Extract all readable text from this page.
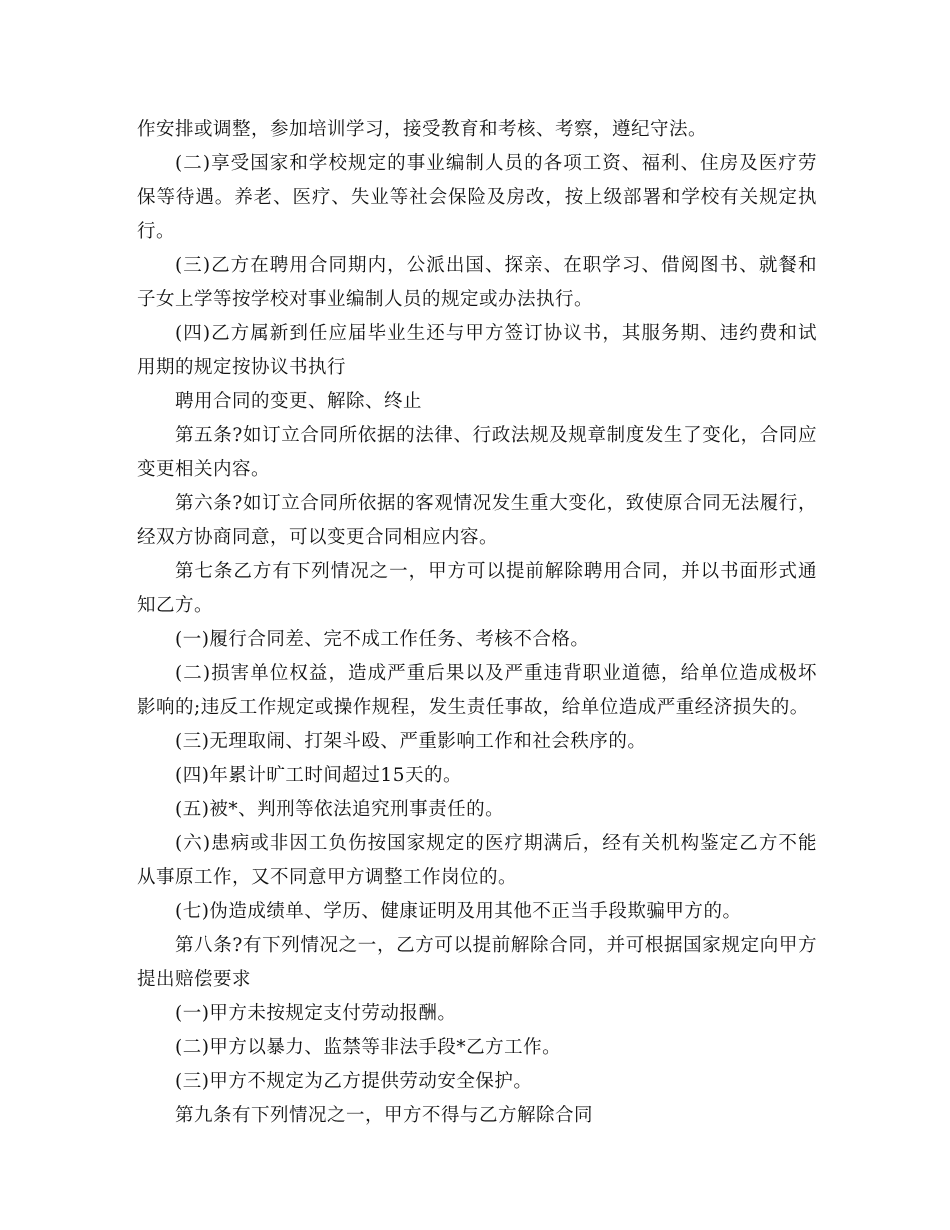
作安排或调整，参加培训学习，接受教育和考核、考察，遵纪守法。

(二)享受国家和学校规定的事业编制人员的各项工资、福利、住房及医疗劳保等待遇。养老、医疗、失业等社会保险及房改，按上级部署和学校有关规定执行。

(三)乙方在聘用合同期内，公派出国、探亲、在职学习、借阅图书、就餐和子女上学等按学校对事业编制人员的规定或办法执行。

(四)乙方属新到任应届毕业生还与甲方签订协议书，其服务期、违约费和试用期的规定按协议书执行

聘用合同的变更、解除、终止

第五条?如订立合同所依据的法律、行政法规及规章制度发生了变化，合同应变更相关内容。

第六条?如订立合同所依据的客观情况发生重大变化，致使原合同无法履行，经双方协商同意，可以变更合同相应内容。

第七条乙方有下列情况之一，甲方可以提前解除聘用合同，并以书面形式通知乙方。

(一)履行合同差、完不成工作任务、考核不合格。

(二)损害单位权益，造成严重后果以及严重违背职业道德，给单位造成极坏影响的;违反工作规定或操作规程，发生责任事故，给单位造成严重经济损失的。

(三)无理取闹、打架斗殴、严重影响工作和社会秩序的。

(四)年累计旷工时间超过15天的。

(五)被*、判刑等依法追究刑事责任的。

(六)患病或非因工负伤按国家规定的医疗期满后，经有关机构鉴定乙方不能从事原工作，又不同意甲方调整工作岗位的。

(七)伪造成绩单、学历、健康证明及用其他不正当手段欺骗甲方的。

第八条?有下列情况之一，乙方可以提前解除合同，并可根据国家规定向甲方提出赔偿要求

(一)甲方未按规定支付劳动报酬。

(二)甲方以暴力、监禁等非法手段*乙方工作。

(三)甲方不规定为乙方提供劳动安全保护。

第九条有下列情况之一，甲方不得与乙方解除合同
